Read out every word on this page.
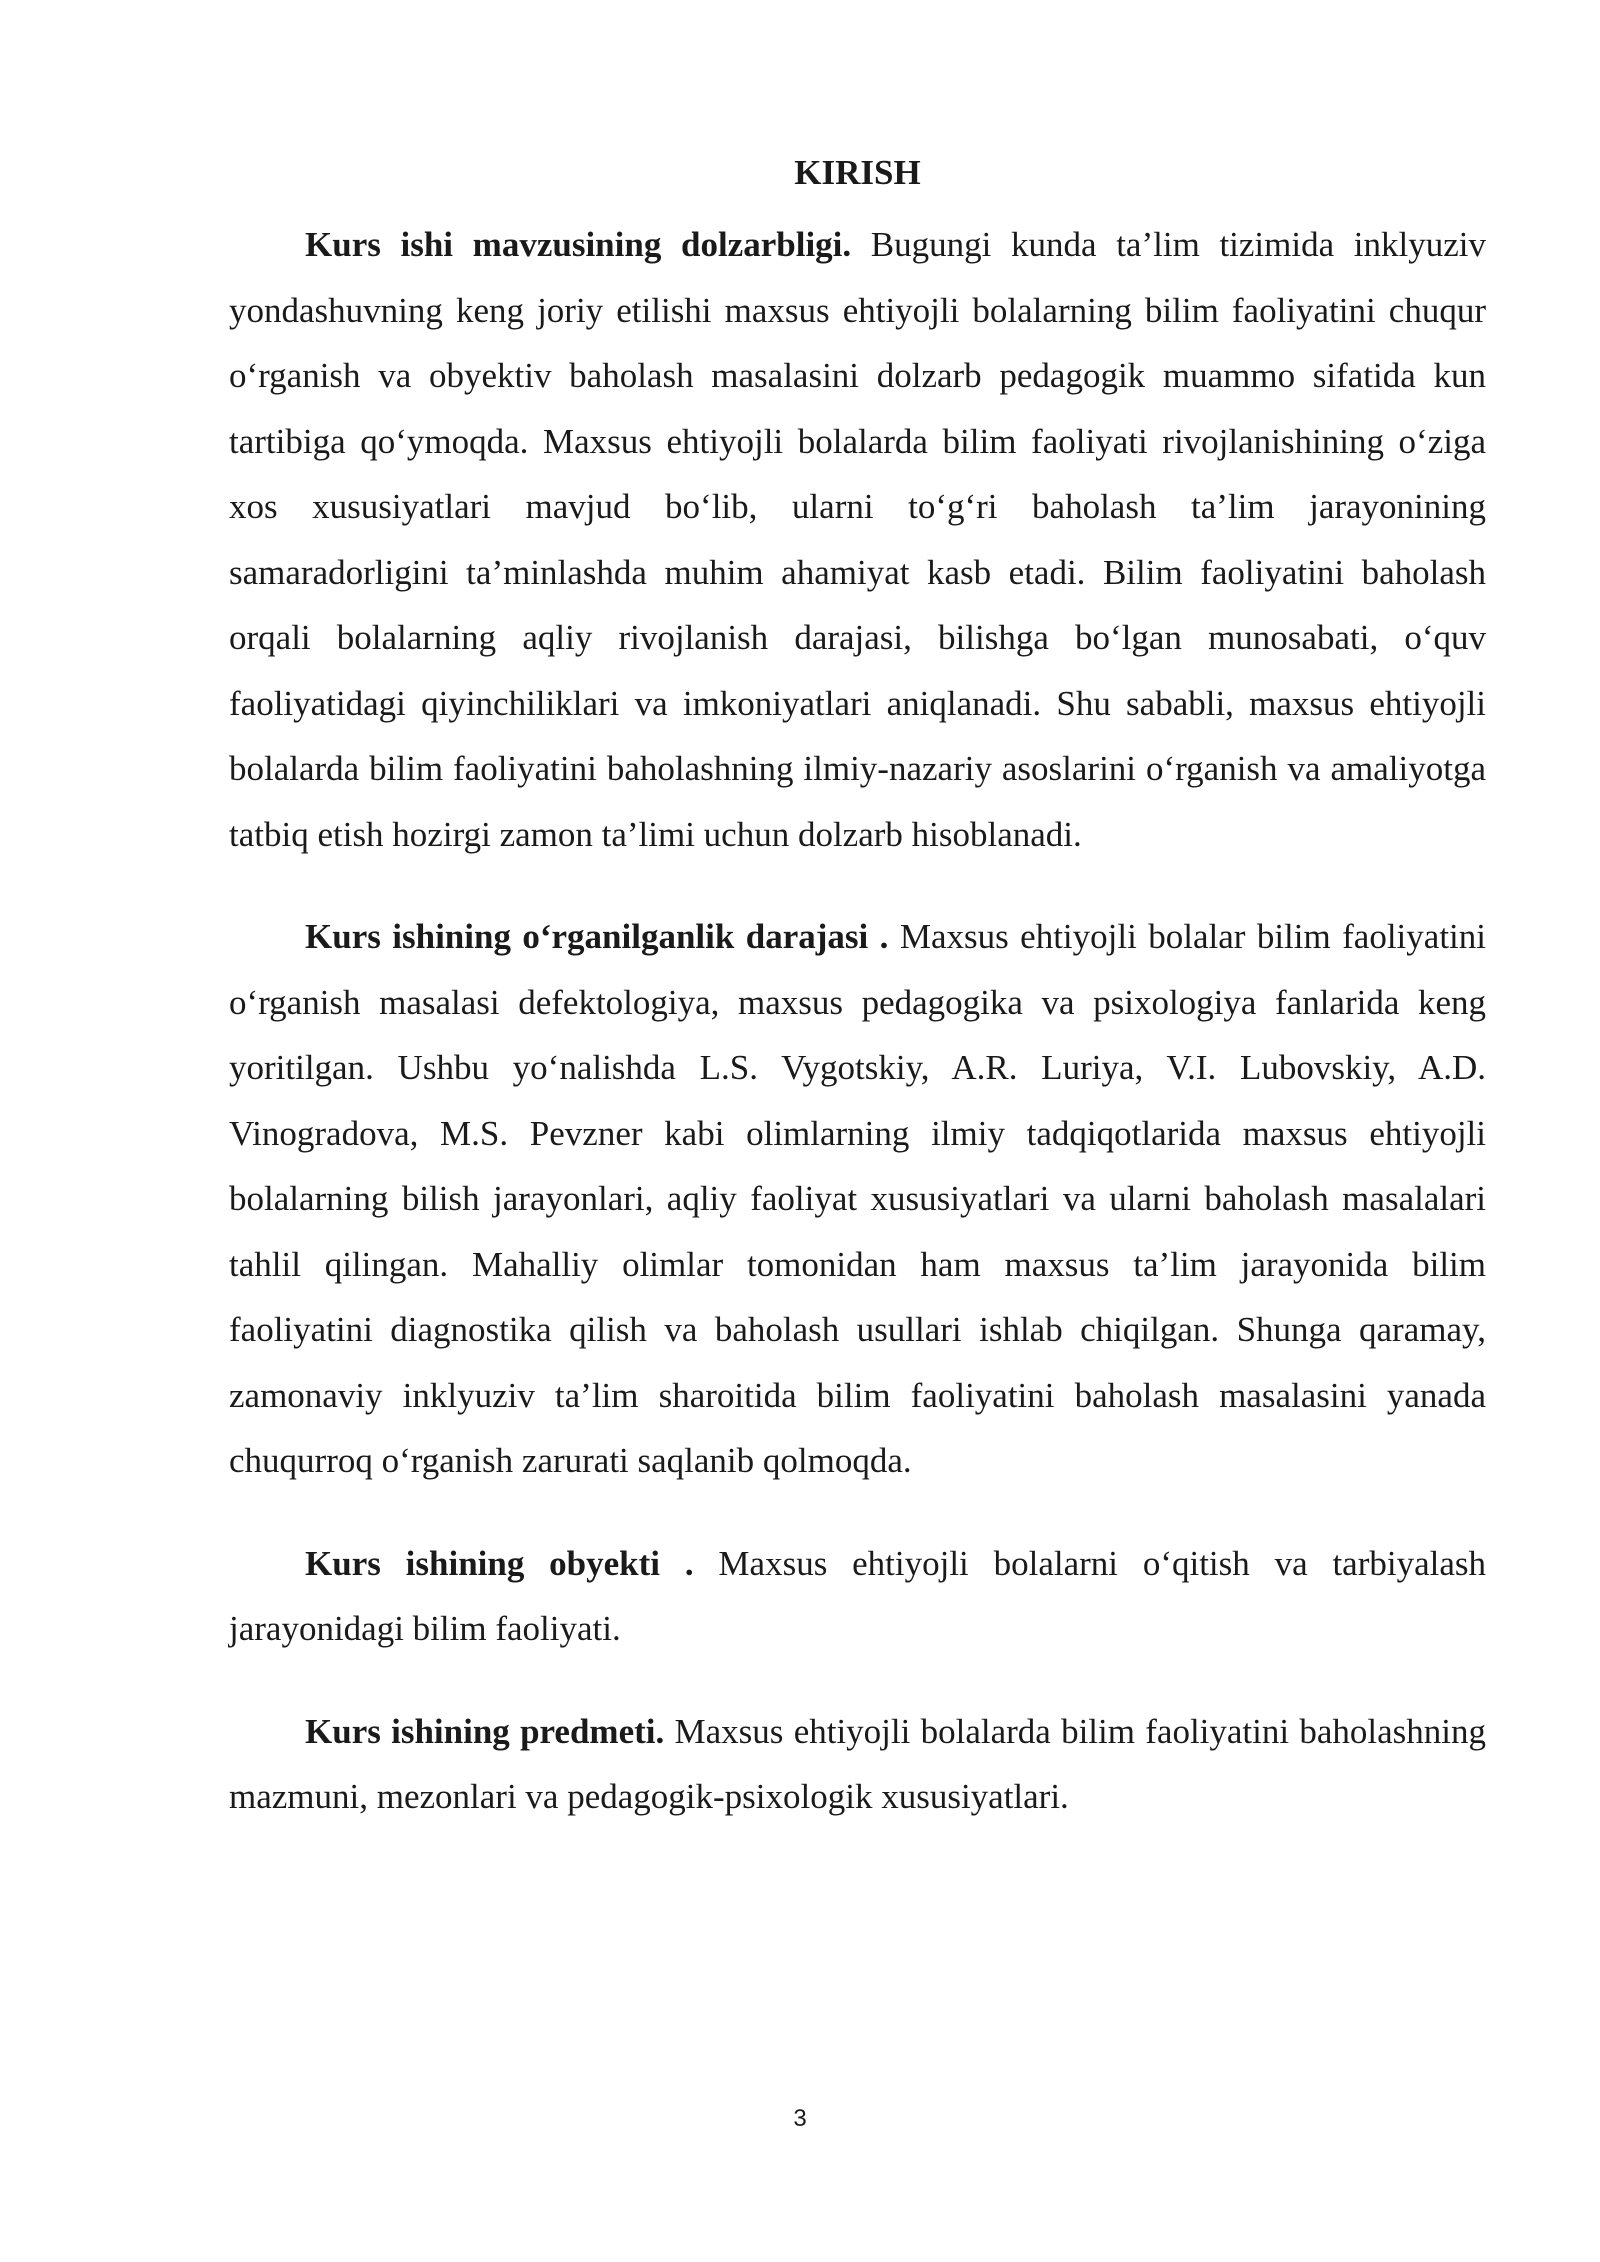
KIRISH

Kurs ishi mavzusining dolzarbligi. Bugungi kunda ta’lim tizimida inklyuziv yondashuvning keng joriy etilishi maxsus ehtiyojli bolalarning bilim faoliyatini chuqur o‘rganish va obyektiv baholash masalasini dolzarb pedagogik muammo sifatida kun tartibiga qo‘ymoqda. Maxsus ehtiyojli bolalarda bilim faoliyati rivojlanishining o‘ziga xos xususiyatlari mavjud bo‘lib, ularni to‘g‘ri baholash ta’lim jarayonining samaradorligini ta’minlashda muhim ahamiyat kasb etadi. Bilim faoliyatini baholash orqali bolalarning aqliy rivojlanish darajasi, bilishga bo‘lgan munosabati, o‘quv faoliyatidagi qiyinchiliklari va imkoniyatlari aniqlanadi. Shu sababli, maxsus ehtiyojli bolalarda bilim faoliyatini baholashning ilmiy-nazariy asoslarini o‘rganish va amaliyotga tatbiq etish hozirgi zamon ta’limi uchun dolzarb hisoblanadi.

Kurs ishining o‘rganilganlik darajasi . Maxsus ehtiyojli bolalar bilim faoliyatini o‘rganish masalasi defektologiya, maxsus pedagogika va psixologiya fanlarida keng yoritilgan. Ushbu yo‘nalishda L.S. Vygotskiy, A.R. Luriya, V.I. Lubovskiy, A.D. Vinogradova, M.S. Pevzner kabi olimlarning ilmiy tadqiqotlarida maxsus ehtiyojli bolalarning bilish jarayonlari, aqliy faoliyat xususiyatlari va ularni baholash masalalari tahlil qilingan. Mahalliy olimlar tomonidan ham maxsus ta’lim jarayonida bilim faoliyatini diagnostika qilish va baholash usullari ishlab chiqilgan. Shunga qaramay, zamonaviy inklyuziv ta’lim sharoitida bilim faoliyatini baholash masalasini yanada chuqurroq o‘rganish zarurati saqlanib qolmoqda.

Kurs ishining obyekti . Maxsus ehtiyojli bolalarni o‘qitish va tarbiyalash jarayonidagi bilim faoliyati.

Kurs ishining predmeti. Maxsus ehtiyojli bolalarda bilim faoliyatini baholashning mazmuni, mezonlari va pedagogik-psixologik xususiyatlari.

3
